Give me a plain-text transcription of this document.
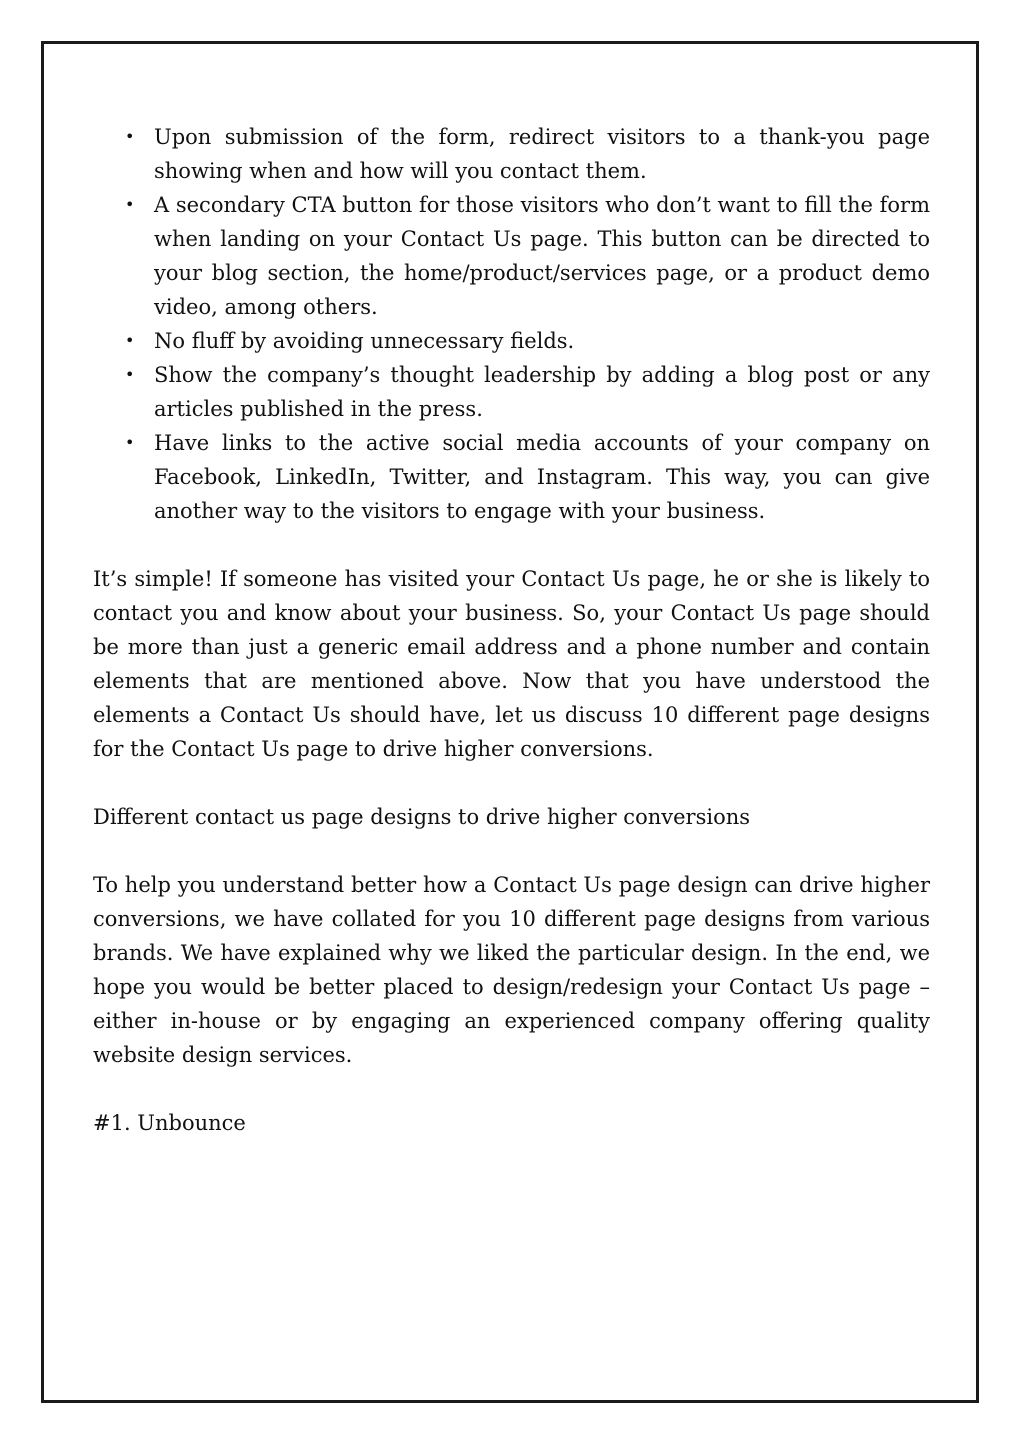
• Upon submission of the form, redirect visitors to a thank-you page showing when and how will you contact them.
• A secondary CTA button for those visitors who don’t want to fill the form when landing on your Contact Us page. This button can be directed to your blog section, the home/product/services page, or a product demo video, among others.
• No fluff by avoiding unnecessary fields.
• Show the company’s thought leadership by adding a blog post or any articles published in the press.
• Have links to the active social media accounts of your company on Facebook, LinkedIn, Twitter, and Instagram. This way, you can give another way to the visitors to engage with your business.

It’s simple! If someone has visited your Contact Us page, he or she is likely to contact you and know about your business. So, your Contact Us page should be more than just a generic email address and a phone number and contain elements that are mentioned above. Now that you have understood the elements a Contact Us should have, let us discuss 10 different page designs for the Contact Us page to drive higher conversions.

Different contact us page designs to drive higher conversions

To help you understand better how a Contact Us page design can drive higher conversions, we have collated for you 10 different page designs from various brands. We have explained why we liked the particular design. In the end, we hope you would be better placed to design/redesign your Contact Us page – either in-house or by engaging an experienced company offering quality website design services.

#1. Unbounce
